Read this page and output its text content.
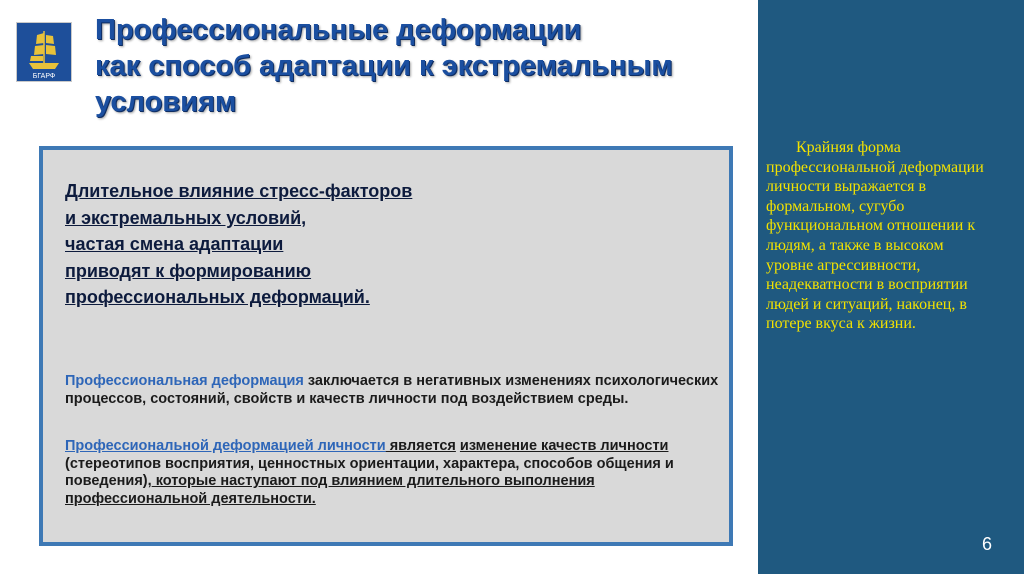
БГАРФ
Профессиональные деформации
как способ адаптации к экстремальным
условиям
Длительное влияние стресс-факторов
и экстремальных условий,
частая смена адаптации
приводят к формированию
профессиональных деформаций.

Профессиональная деформация заключается в негативных изменениях психологических процессов, состояний, свойств и качеств личности под воздействием среды.

Профессиональной деформацией личности является изменение качеств личности (стереотипов восприятия, ценностных ориентации, характера, способов общения и поведения), которые наступают под влиянием длительного выполнения профессиональной деятельности.

Крайняя форма профессиональной деформации личности выражается в формальном, сугубо функциональном отношении к людям, а также в высоком уровне агрессивности, неадекватности в восприятии людей и ситуаций, наконец, в потере вкуса к жизни.

6
